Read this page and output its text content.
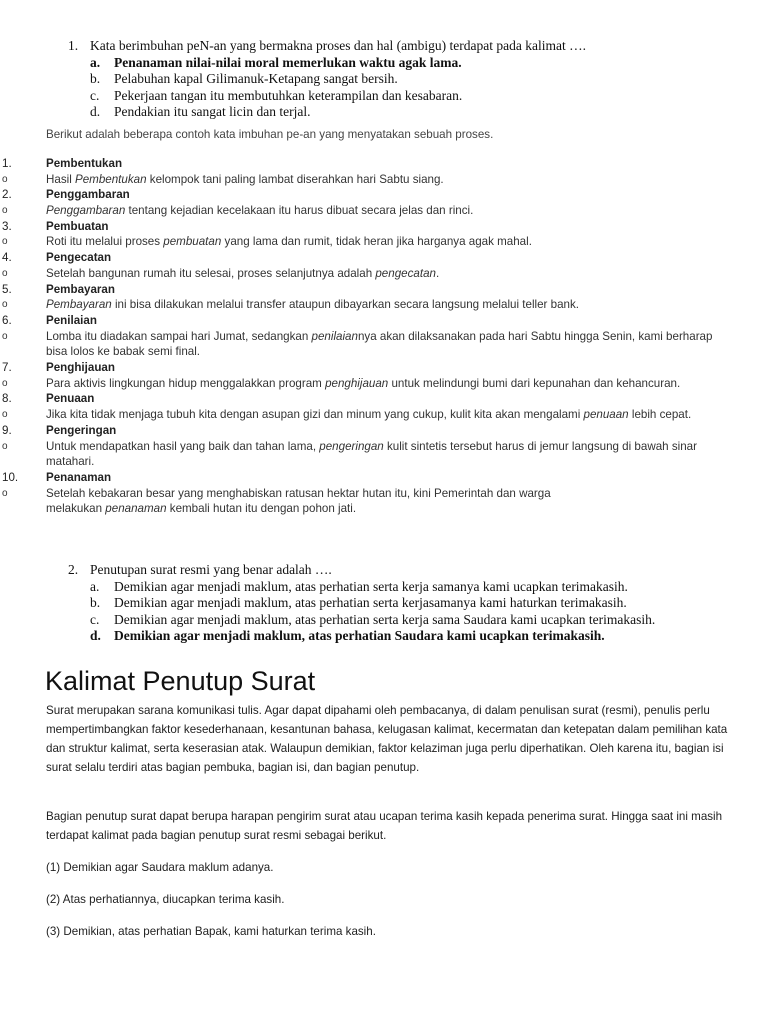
1. Kata berimbuhan peN-an yang bermakna proses dan hal (ambigu) terdapat pada kalimat ….
a. Penanaman nilai-nilai moral memerlukan waktu agak lama.
b. Pelabuhan kapal Gilimanuk-Ketapang sangat bersih.
c. Pekerjaan tangan itu membutuhkan keterampilan dan kesabaran.
d. Pendakian itu sangat licin dan terjal.
Berikut adalah beberapa contoh kata imbuhan pe-an yang menyatakan sebuah proses.
1.	Pembentukan
o	Hasil Pembentukan kelompok tani paling lambat diserahkan hari Sabtu siang.
2.	Penggambaran
o	Penggambaran tentang kejadian kecelakaan itu harus dibuat secara jelas dan rinci.
3.	Pembuatan
o	Roti itu melalui proses pembuatan yang lama dan rumit, tidak heran jika harganya agak mahal.
4.	Pengecatan
o	Setelah bangunan rumah itu selesai, proses selanjutnya adalah pengecatan.
5.	Pembayaran
o	Pembayaran ini bisa dilakukan melalui transfer ataupun dibayarkan secara langsung melalui teller bank.
6.	Penilaian
o	Lomba itu diadakan sampai hari Jumat, sedangkan penilaiannya akan dilaksanakan pada hari Sabtu hingga Senin, kami berharap bisa lolos ke babak semi final.
7.	Penghijauan
o	Para aktivis lingkungan hidup menggalakkan program penghijauan untuk melindungi bumi dari kepunahan dan kehancuran.
8.	Penuaan
o	Jika kita tidak menjaga tubuh kita dengan asupan gizi dan minum yang cukup, kulit kita akan mengalami penuaan lebih cepat.
9.	Pengeringan
o	Untuk mendapatkan hasil yang baik dan tahan lama, pengeringan kulit sintetis tersebut harus di jemur langsung di bawah sinar matahari.
10.	Penanaman
o	Setelah kebakaran besar yang menghabiskan ratusan hektar hutan itu, kini Pemerintah dan warga melakukan penanaman kembali hutan itu dengan pohon jati.
2. Penutupan surat resmi yang benar adalah ….
a. Demikian agar menjadi maklum, atas perhatian serta kerja samanya kami ucapkan terimakasih.
b. Demikian agar menjadi maklum, atas perhatian serta kerjasamanya kami haturkan terimakasih.
c. Demikian agar menjadi maklum, atas perhatian serta kerja sama Saudara kami ucapkan terimakasih.
d. Demikian agar menjadi maklum, atas perhatian Saudara kami ucapkan terimakasih.
Kalimat Penutup Surat
Surat merupakan sarana komunikasi tulis. Agar dapat dipahami oleh pembacanya, di dalam penulisan surat (resmi), penulis perlu mempertimbangkan faktor kesederhanaan, kesantunan bahasa, kelugasan kalimat, kecermatan dan ketepatan dalam pemilihan kata dan struktur kalimat, serta keserasian atak. Walaupun demikian, faktor kelaziman juga perlu diperhatikan. Oleh karena itu, bagian isi surat selalu terdiri atas bagian pembuka, bagian isi, dan bagian penutup.
Bagian penutup surat dapat berupa harapan pengirim surat atau ucapan terima kasih kepada penerima surat. Hingga saat ini masih terdapat kalimat pada bagian penutup surat resmi sebagai berikut.
(1) Demikian agar Saudara maklum adanya.
(2) Atas perhatiannya, diucapkan terima kasih.
(3) Demikian, atas perhatian Bapak, kami haturkan terima kasih.
